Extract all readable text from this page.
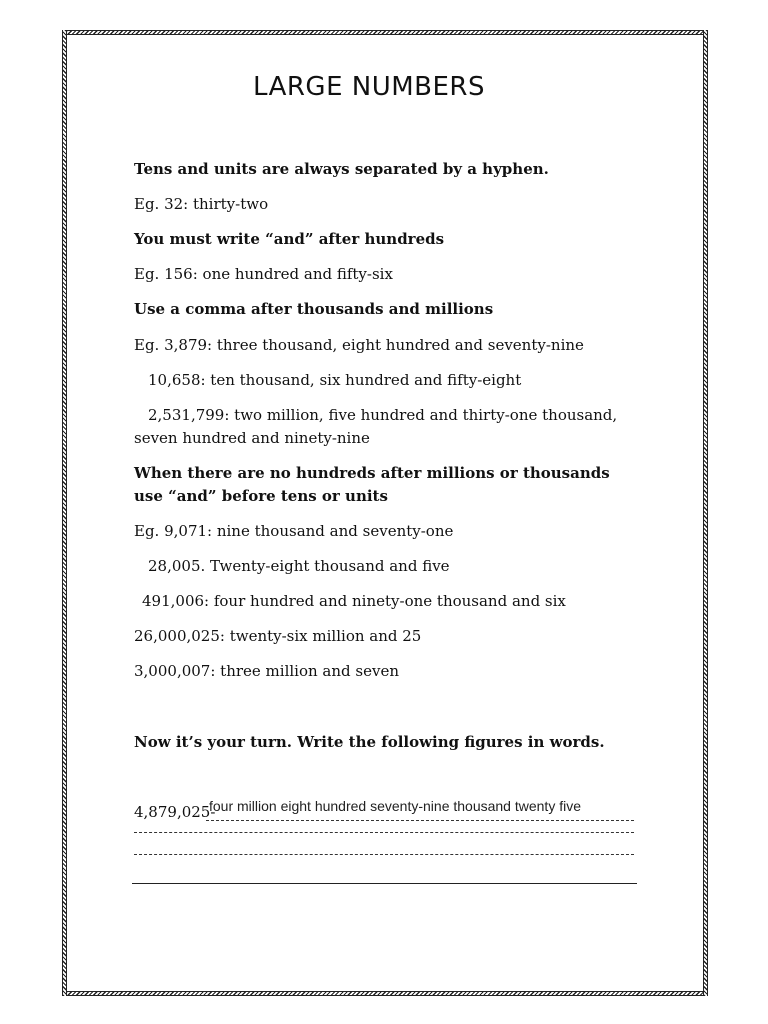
LARGE NUMBERS
Tens and units are always separated by a hyphen.
Eg. 32: thirty-two
You must write “and” after hundreds
Eg. 156: one hundred and fifty-six
Use a comma after thousands and millions
Eg. 3,879: three thousand, eight hundred and seventy-nine
10,658: ten thousand, six hundred and fifty-eight
2,531,799: two million, five hundred and thirty-one thousand, seven hundred and ninety-nine
When there are no hundreds after millions or thousands use “and” before tens or units
Eg. 9,071: nine thousand and seventy-one
28,005. Twenty-eight thousand and five
491,006: four hundred and ninety-one thousand and six
26,000,025: twenty-six million and 25
3,000,007: three million and seven
Now it’s your turn. Write the following figures in words.
4,879,025-
four million eight hundred seventy-nine thousand twenty five
